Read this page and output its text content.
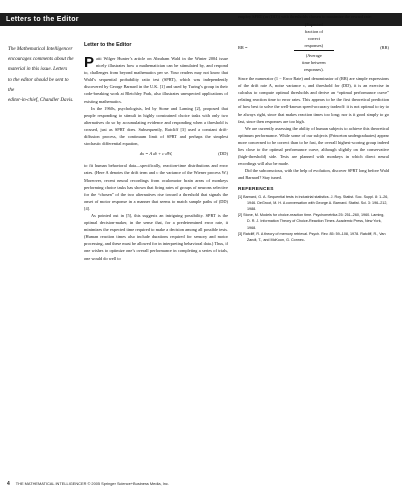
Letters to the Editor
The Mathematical Intelligencer
encourages comments about the
material in this issue. Letters
to the editor should be sent to the
editor-in-chief, Chandler Davis.
Letter to the Editor

Patti Wilger Hunter’s article on Abraham Wald in the Winter 2004 issue nicely illustrates how a mathematician can be stimulated by, and respond to, challenges from beyond mathematics per se. Your readers may not know that Wald’s sequential probability ratio test (SPRT), which was independently discovered by George Barnard in the U.K. [1] and used by Turing’s group in their code-breaking work at Bletchley Park, also illustrates unexpected applications of existing mathematics.

In the 1960s, psychologists, led by Stone and Laming [2], proposed that people responding to stimuli in highly constrained choice tasks with only two alternatives do so by accumulating evidence and responding when a threshold is crossed, just as SPRT does. Subsequently, Ratcliff [3] used a constant drift-diffusion process, the continuum limit of SPRT and perhaps the simplest stochastic differential equation,

dx = A dt + c dW,	(DD)

to fit human behavioral data—specifically, reaction-time distributions and error rates. (Here A denotes the drift term and c the variance of the Wiener process W.) Moreover, recent neural recordings from oculomotor brain areas of monkeys performing choice tasks has shown that firing rates of groups of neurons selective for the “chosen” of the two alternatives rise toward a threshold that signals the onset of motor response in a manner that seems to match sample paths of (DD) [4].

As pointed out in [5], this suggests an intriguing possibility. SPRT is the optimal decision-maker, in the sense that, for a predetermined error rate, it minimizes the expected time required to make a decision among all possible tests. (Human reaction times also include durations required for sensory and motor processing, and these must be allowed for in interpreting behavioral data.) Thus, if one wishes to optimize one’s overall performance in completing a series of trials, one would do well to

employ SPRT (or (DD)) with thresholds chosen to maximize the reward rate:

RR =
(Expected
fraction of
correct
responses)
(Average
time between
responses).
(RR)

Since the numerator (1 − Error Rate) and denominator of (RR) are simple expressions of the drift rate A, noise variance c, and threshold for (DD), it is an exercise in calculus to compute optimal thresholds and derive an “optimal performance curve” relating reaction time to error rates. This appears to be the first theoretical prediction of how best to solve the well-known speed-accuracy tradeoff: it is not optimal to try to be always right, since that makes reaction times too long; nor is it good simply to go fast, since then responses are too high.

We are currently assessing the ability of human subjects to achieve this theoretical optimum performance. While some of our subjects (Princeton undergraduates) appear more concerned to be correct than to be fast, the overall highest-scoring group indeed lies close to the optimal performance curve, although slightly on the conservative (high-threshold) side. Tests are planned with monkeys in which direct neural recordings will also be made.

Did the subconscious, with the help of evolution, discover SPRT long before Wald and Barnard? Stay tuned.

REFERENCES
[1] Barnard, G. A. Sequential tests in industrial statistics. J. Roy. Statist. Soc. Suppl. 8: 1–26, 1946. DeGroot, M. H. A conversation with George A. Barnard. Statist. Sci. 3: 196–212, 1988.
[2] Stone, M. Models for choice-reaction time. Psychometrika 25: 251–260, 1960. Laming, D. R. J. Information Theory of Choice-Reaction Times. Academic Press, New York, 1968.
[3] Ratcliff, R. A theory of memory retrieval. Psych. Rev. 85: 59–108, 1978. Ratcliff, R., Van Zandt, T., and McKoon, G. Connec-
4 THE MATHEMATICAL INTELLIGENCER © 2005 Springer Science+Business Media, Inc.
